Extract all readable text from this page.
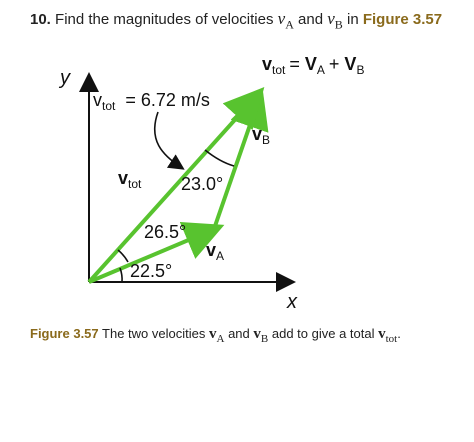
10. Find the magnitudes of velocities $v_A$ and $v_B$ in Figure 3.57
y
x
$v_{tot} = V_A + V_B$
$v_{tot} = 6.72$ m/s
$v_{tot}$
$v_B$
$v_A$
23.0°
26.5°
22.5°
Figure 3.57 The two velocities $v_A$ and $v_B$ add to give a total $v_{tot}$.
